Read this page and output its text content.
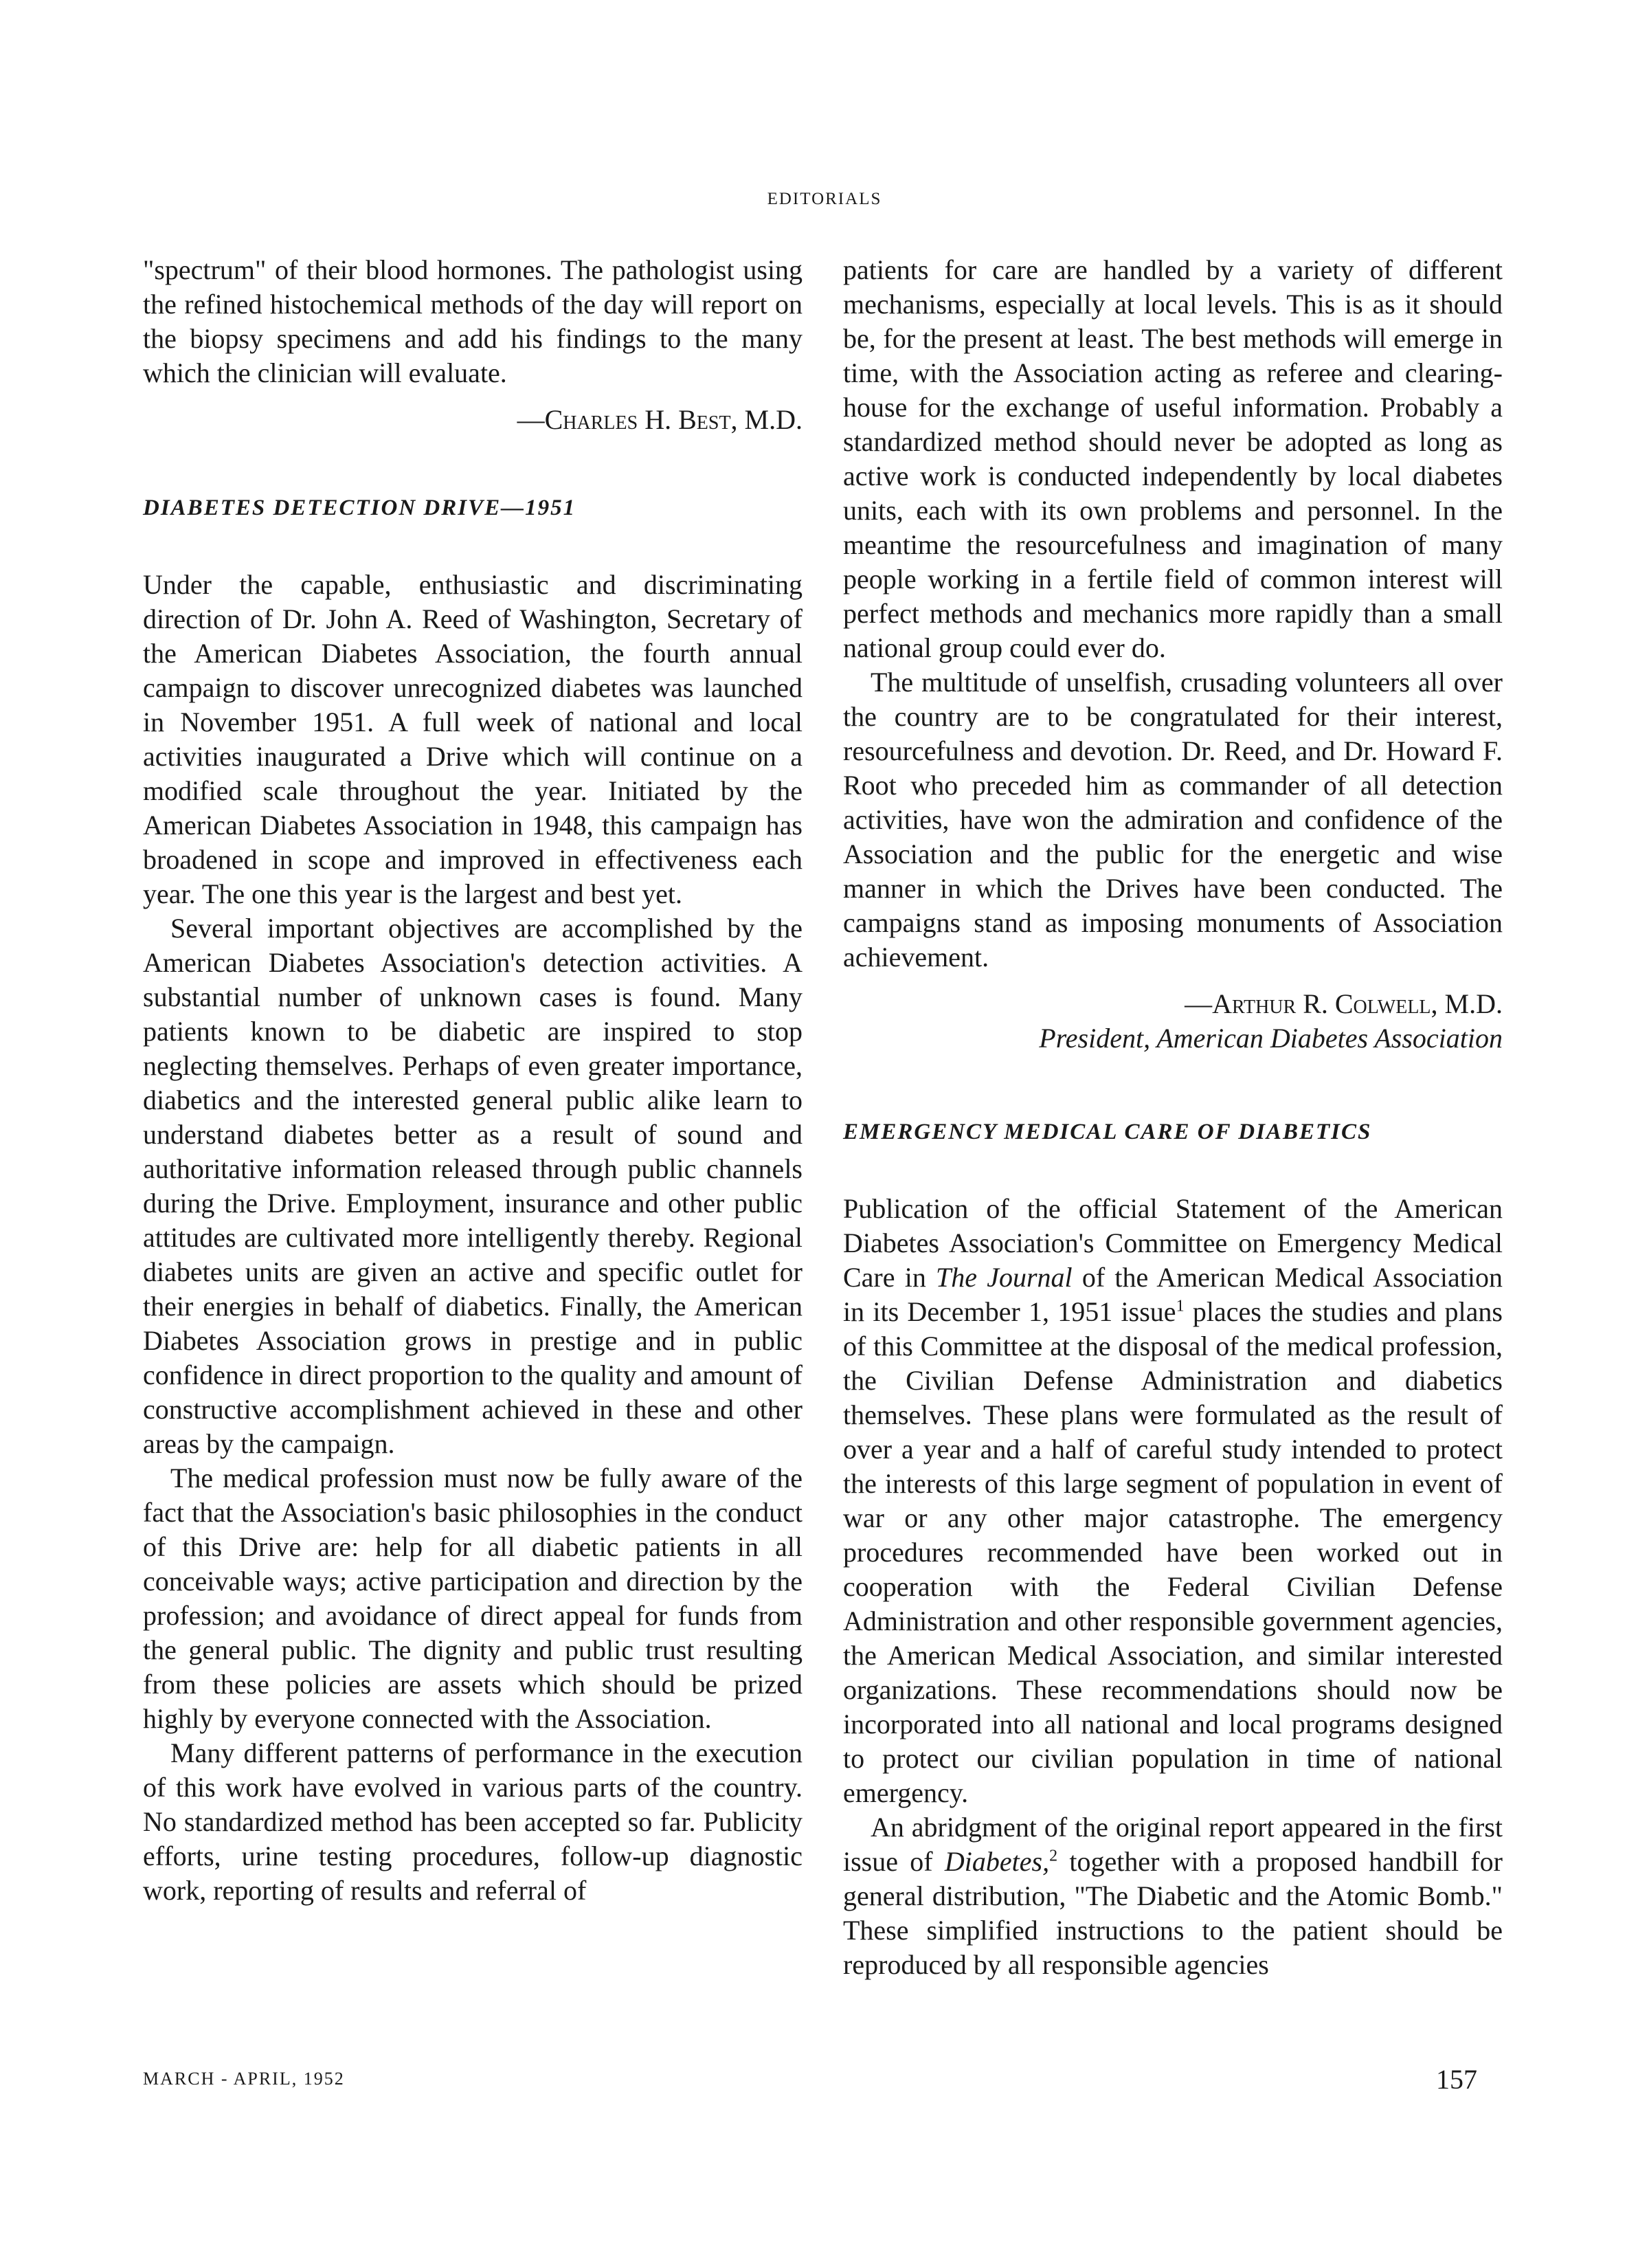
EDITORIALS

"spectrum" of their blood hormones. The pathologist using the refined histochemical methods of the day will report on the biopsy specimens and add his findings to the many which the clinician will evaluate.

—Charles H. Best, M.D.

DIABETES DETECTION DRIVE—1951

Under the capable, enthusiastic and discriminating direction of Dr. John A. Reed of Washington, Secretary of the American Diabetes Association, the fourth annual campaign to discover unrecognized diabetes was launched in November 1951. A full week of national and local activities inaugurated a Drive which will continue on a modified scale throughout the year. Initiated by the American Diabetes Association in 1948, this campaign has broadened in scope and improved in effectiveness each year. The one this year is the largest and best yet.

Several important objectives are accomplished by the American Diabetes Association's detection activities. A substantial number of unknown cases is found. Many patients known to be diabetic are inspired to stop neglecting themselves. Perhaps of even greater importance, diabetics and the interested general public alike learn to understand diabetes better as a result of sound and authoritative information released through public channels during the Drive. Employment, insurance and other public attitudes are cultivated more intelligently thereby. Regional diabetes units are given an active and specific outlet for their energies in behalf of diabetics. Finally, the American Diabetes Association grows in prestige and in public confidence in direct proportion to the quality and amount of constructive accomplishment achieved in these and other areas by the campaign.

The medical profession must now be fully aware of the fact that the Association's basic philosophies in the conduct of this Drive are: help for all diabetic patients in all conceivable ways; active participation and direction by the profession; and avoidance of direct appeal for funds from the general public. The dignity and public trust resulting from these policies are assets which should be prized highly by everyone connected with the Association.

Many different patterns of performance in the execution of this work have evolved in various parts of the country. No standardized method has been accepted so far. Publicity efforts, urine testing procedures, follow-up diagnostic work, reporting of results and referral of

patients for care are handled by a variety of different mechanisms, especially at local levels. This is as it should be, for the present at least. The best methods will emerge in time, with the Association acting as referee and clearing-house for the exchange of useful information. Probably a standardized method should never be adopted as long as active work is conducted independently by local diabetes units, each with its own problems and personnel. In the meantime the resourcefulness and imagination of many people working in a fertile field of common interest will perfect methods and mechanics more rapidly than a small national group could ever do.

The multitude of unselfish, crusading volunteers all over the country are to be congratulated for their interest, resourcefulness and devotion. Dr. Reed, and Dr. Howard F. Root who preceded him as commander of all detection activities, have won the admiration and confidence of the Association and the public for the energetic and wise manner in which the Drives have been conducted. The campaigns stand as imposing monuments of Association achievement.

—Arthur R. Colwell, M.D.

President, American Diabetes Association

EMERGENCY MEDICAL CARE OF DIABETICS

Publication of the official Statement of the American Diabetes Association's Committee on Emergency Medical Care in The Journal of the American Medical Association in its December 1, 1951 issue$^1$ places the studies and plans of this Committee at the disposal of the medical profession, the Civilian Defense Administration and diabetics themselves. These plans were formulated as the result of over a year and a half of careful study intended to protect the interests of this large segment of population in event of war or any other major catastrophe. The emergency procedures recommended have been worked out in cooperation with the Federal Civilian Defense Administration and other responsible government agencies, the American Medical Association, and similar interested organizations. These recommendations should now be incorporated into all national and local programs designed to protect our civilian population in time of national emergency.

An abridgment of the original report appeared in the first issue of Diabetes,$^2$ together with a proposed handbill for general distribution, "The Diabetic and the Atomic Bomb." These simplified instructions to the patient should be reproduced by all responsible agencies

MARCH - APRIL, 1952	157
